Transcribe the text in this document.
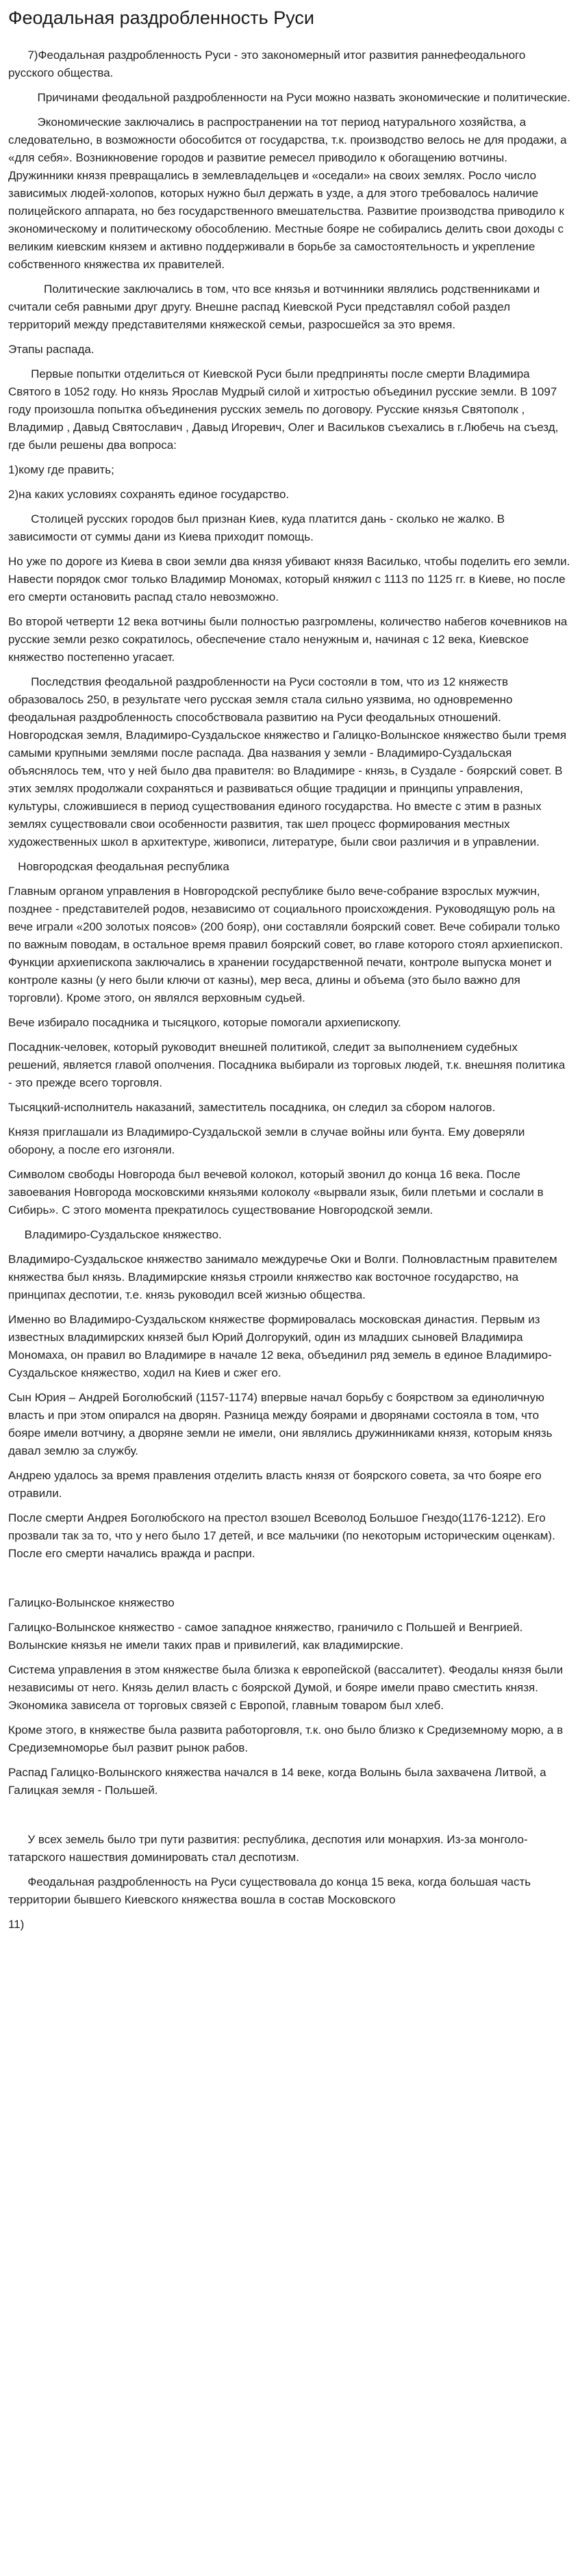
Феодальная раздробленность Руси

7)Феодальная раздробленность Руси - это закономерный итог развития раннефеодального русского общества.

Причинами феодальной раздробленности на Руси можно назвать экономические и политические.

Экономические заключались в распространении на тот период натурального хозяйства, а следовательно, в возможности обособится от государства, т.к. производство велось не для продажи, а «для себя». Возникновение городов и развитие ремесел приводило к обогащению вотчины. Дружинники князя превращались в землевладельцев и «оседали» на своих землях. Росло число зависимых людей-холопов, которых нужно был держать в узде, а для этого требовалось наличие полицейского аппарата, но без государственного вмешательства. Развитие производства приводило к экономическому и политическому обособлению. Местные бояре не собирались делить свои доходы с великим киевским князем и активно поддерживали в борьбе за самостоятельность и укрепление собственного княжества их правителей.

Политические заключались в том, что все князья и вотчинники являлись родственниками и считали себя равными друг другу. Внешне распад Киевской Руси представлял собой раздел территорий между представителями княжеской семьи, разросшейся за это время.

Этапы распада.

Первые попытки отделиться от Киевской Руси были предприняты после смерти Владимира Святого в 1052 году. Но князь Ярослав Мудрый силой и хитростью объединил русские земли. В 1097 году произошла попытка объединения русских земель по договору. Русские князья Святополк , Владимир , Давыд Святославич , Давыд Игоревич, Олег и Васильков съехались в г.Любечь на съезд, где были решены два вопроса:

1)кому где править;

2)на каких условиях сохранять единое государство.

Столицей русских городов был признан Киев, куда платится дань - сколько не жалко. В зависимости от суммы дани из Киева приходит помощь.

Но уже по дороге из Киева в свои земли два князя убивают князя Василько, чтобы поделить его земли. Навести порядок смог только Владимир Мономах, который княжил с 1113 по 1125 гг. в Киеве, но после его смерти остановить распад стало невозможно.

Во второй четверти 12 века вотчины были полностью разгромлены, количество набегов кочевников на русские земли резко сократилось, обеспечение стало ненужным и, начиная с 12 века, Киевское княжество постепенно угасает.

Последствия феодальной раздробленности на Руси состояли в том, что из 12 княжеств образовалось 250, в результате чего русская земля стала сильно уязвима, но одновременно феодальная раздробленность способствовала развитию на Руси феодальных отношений. Новгородская земля, Владимиро-Суздальское княжество и Галицко-Волынское княжество были тремя самыми крупными землями после распада. Два названия у земли - Владимиро-Суздальская объяснялось тем, что у ней было два правителя: во Владимире - князь, в Суздале - боярский совет. В этих землях продолжали сохраняться и развиваться общие традиции и принципы управления, культуры, сложившиеся в период существования единого государства. Но вместе с этим в разных землях существовали свои особенности развития, так шел процесс формирования местных художественных школ в архитектуре, живописи, литературе, были свои различия и в управлении.

Новгородская феодальная республика

Главным органом управления в Новгородской республике было вече-собрание взрослых мужчин, позднее - представителей родов, независимо от социального происхождения. Руководящую роль на вече играли «200 золотых поясов» (200 бояр), они составляли боярский совет. Вече собирали только по важным поводам, в остальное время правил боярский совет, во главе которого стоял архиепископ. Функции архиепископа заключались в хранении государственной печати, контроле выпуска монет и контроле казны (у него были ключи от казны), мер веса, длины и объема (это было важно для торговли). Кроме этого, он являлся верховным судьей.

Вече избирало посадника и тысяцкого, которые помогали архиепископу.

Посадник-человек, который руководит внешней политикой, следит за выполнением судебных решений, является главой ополчения. Посадника выбирали из торговых людей, т.к. внешняя политика - это прежде всего торговля.

Тысяцкий-исполнитель наказаний, заместитель посадника, он следил за сбором налогов.

Князя приглашали из Владимиро-Суздальской земли в случае войны или бунта. Ему доверяли оборону, а после его изгоняли.

Символом свободы Новгорода был вечевой колокол, который звонил до конца 16 века. После завоевания Новгорода московскими князьями колоколу «вырвали язык, били плетьми и сослали в Сибирь». С этого момента прекратилось существование Новгородской земли.

Владимиро-Суздальское княжество.

Владимиро-Суздальское княжество занимало междуречье Оки и Волги. Полновластным правителем княжества был князь. Владимирские князья строили княжество как восточное государство, на принципах деспотии, т.е. князь руководил всей жизнью общества.

Именно во Владимиро-Суздальском княжестве формировалась московская династия. Первым из известных владимирских князей был Юрий Долгорукий, один из младших сыновей Владимира Мономаха, он правил во Владимире в начале 12 века, объединил ряд земель в единое Владимиро-Суздальское княжество, ходил на Киев и сжег его.

Сын Юрия – Андрей Боголюбский (1157-1174) впервые начал борьбу с боярством за единоличную власть и при этом опирался на дворян. Разница между боярами и дворянами состояла в том, что бояре имели вотчину, а дворяне земли не имели, они являлись дружинниками князя, которым князь давал землю за службу.

Андрею удалось за время правления отделить власть князя от боярского совета, за что бояре его отравили.

После смерти Андрея Боголюбского на престол взошел Всеволод Большое Гнездо(1176-1212). Его прозвали так за то, что у него было 17 детей, и все мальчики (по некоторым историческим оценкам). После его смерти начались вражда и распри.

Галицко-Волынское княжество

Галицко-Волынское княжество - самое западное княжество, граничило с Польшей и Венгрией. Волынские князья не имели таких прав и привилегий, как владимирские.

Система управления в этом княжестве была близка к европейской (вассалитет). Феодалы князя были независимы от него. Князь делил власть с боярской Думой, и бояре имели право сместить князя. Экономика зависела от торговых связей с Европой, главным товаром был хлеб.

Кроме этого, в княжестве была развита работорговля, т.к. оно было близко к Средиземному морю, а в Средиземноморье был развит рынок рабов.

Распад Галицко-Волынского княжества начался в 14 веке, когда Волынь была захвачена Литвой, а Галицкая земля - Польшей.

У всех земель было три пути развития: республика, деспотия или монархия. Из-за монголо-татарского нашествия доминировать стал деспотизм.

Феодальная раздробленность на Руси существовала до конца 15 века, когда большая часть территории бывшего Киевского княжества вошла в состав Московского

11)
